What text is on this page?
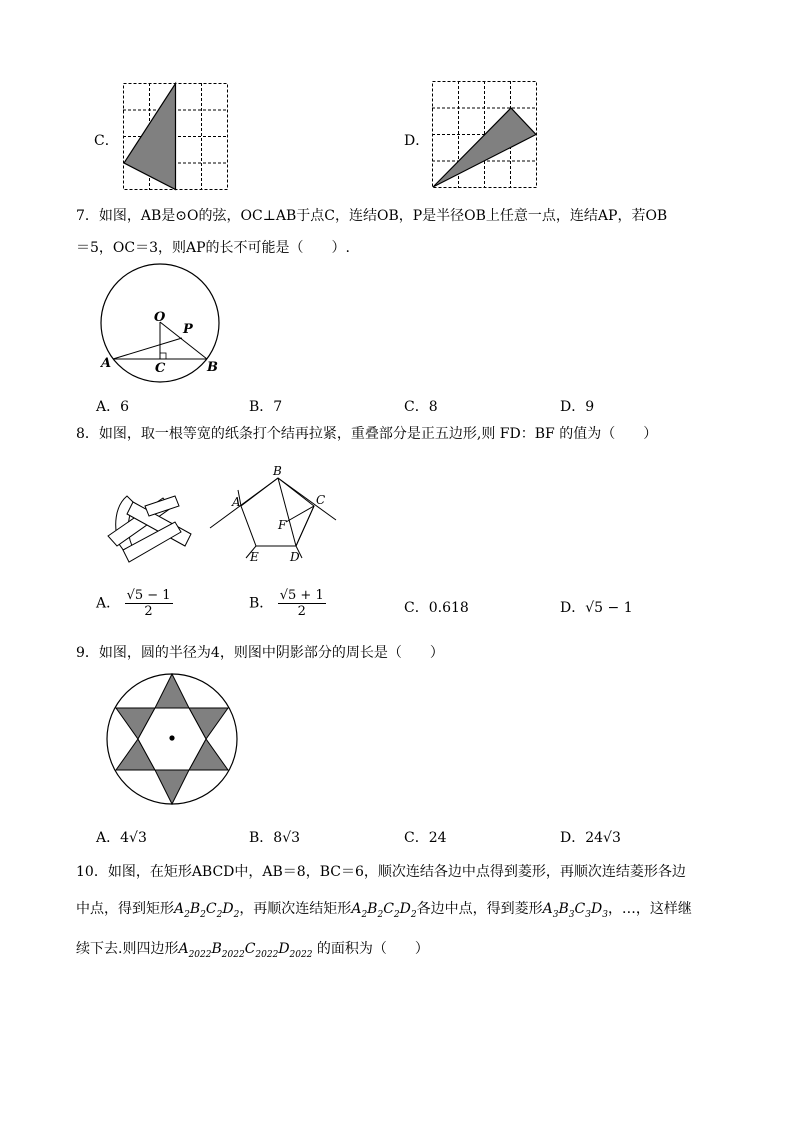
C．	D．
7．如图，AB是⊙O的弦，OC⊥AB于点C，连结OB，P是半径OB上任意一点，连结AP，若OB
＝5，OC＝3，则AP的长不可能是（　　）.
O
P
A	B
C
A．6	B．7	C．8	D．9
8．如图，取一根等宽的纸条打个结再拉紧，重叠部分是正五边形,则 FD：BF 的值为（　　）
B
A	C
F
E	D
A． $\frac{√5 - 1}{2}$	B． $\frac{√5 + 1}{2}$	C．0.618	D．√5 − 1
9．如图，圆的半径为4，则图中阴影部分的周长是（　　）
A．4√3	B．8√3	C．24	D．24√3
10．如图，在矩形ABCD中，AB＝8，BC＝6，顺次连结各边中点得到菱形，再顺次连结菱形各边
中点，得到矩形$A_2B_2C_2D_2$，再顺次连结矩形$A_2B_2C_2D_2$各边中点，得到菱形$A_3B_3C_3D_3$，…，这样继
续下去.则四边形$A_{2022}B_{2022}C_{2022}D_{2022}$ 的面积为（　　）
